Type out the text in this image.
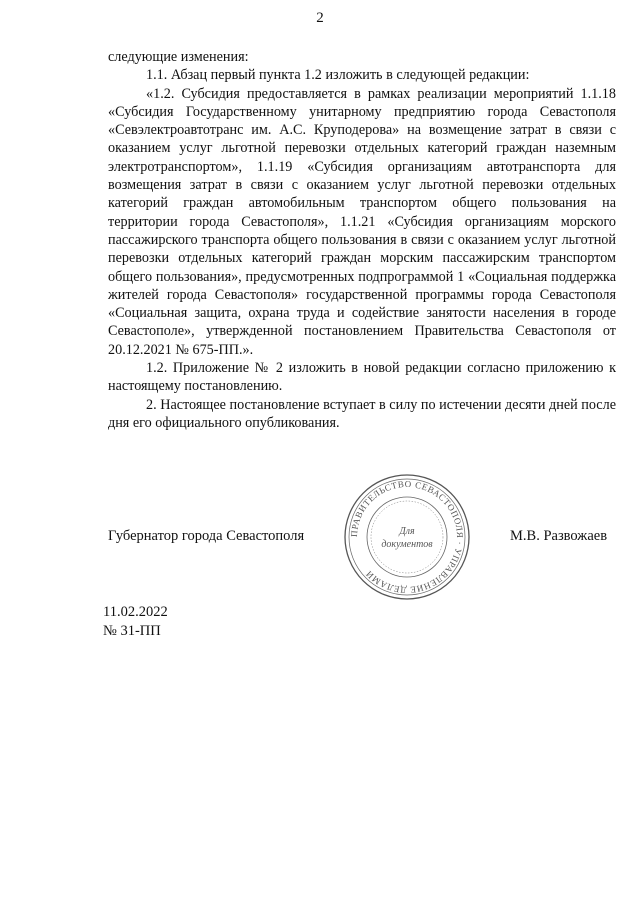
2

следующие изменения:

1.1. Абзац первый пункта 1.2 изложить в следующей редакции:

«1.2. Субсидия предоставляется в рамках реализации мероприятий 1.1.18 «Субсидия Государственному унитарному предприятию города Севастополя «Севэлектроавтотранс им. А.С. Круподерова» на возмещение затрат в связи с оказанием услуг льготной перевозки отдельных категорий граждан наземным электротранспортом», 1.1.19 «Субсидия организациям автотранспорта для возмещения затрат в связи с оказанием услуг льготной перевозки отдельных категорий граждан автомобильным транспортом общего пользования на территории города Севастополя», 1.1.21 «Субсидия организациям морского пассажирского транспорта общего пользования в связи с оказанием услуг льготной перевозки отдельных категорий граждан морским пассажирским транспортом общего пользования», предусмотренных подпрограммой 1 «Социальная поддержка жителей города Севастополя» государственной программы города Севастополя «Социальная защита, охрана труда и содействие занятости населения в городе Севастополе», утвержденной постановлением Правительства Севастополя от 20.12.2021 № 675-ПП.».

1.2. Приложение № 2 изложить в новой редакции согласно приложению к настоящему постановлению.

2. Настоящее постановление вступает в силу по истечении десяти дней после дня его официального опубликования.

Губернатор города Севастополя	ПРАВИТЕЛЬСТВО СЕВАСТОПОЛЯ · УПРАВЛЕНИЕ ДЕЛАМИ
Для
документов
М.В. Развожаев
11.02.2022
№ 31-ПП
